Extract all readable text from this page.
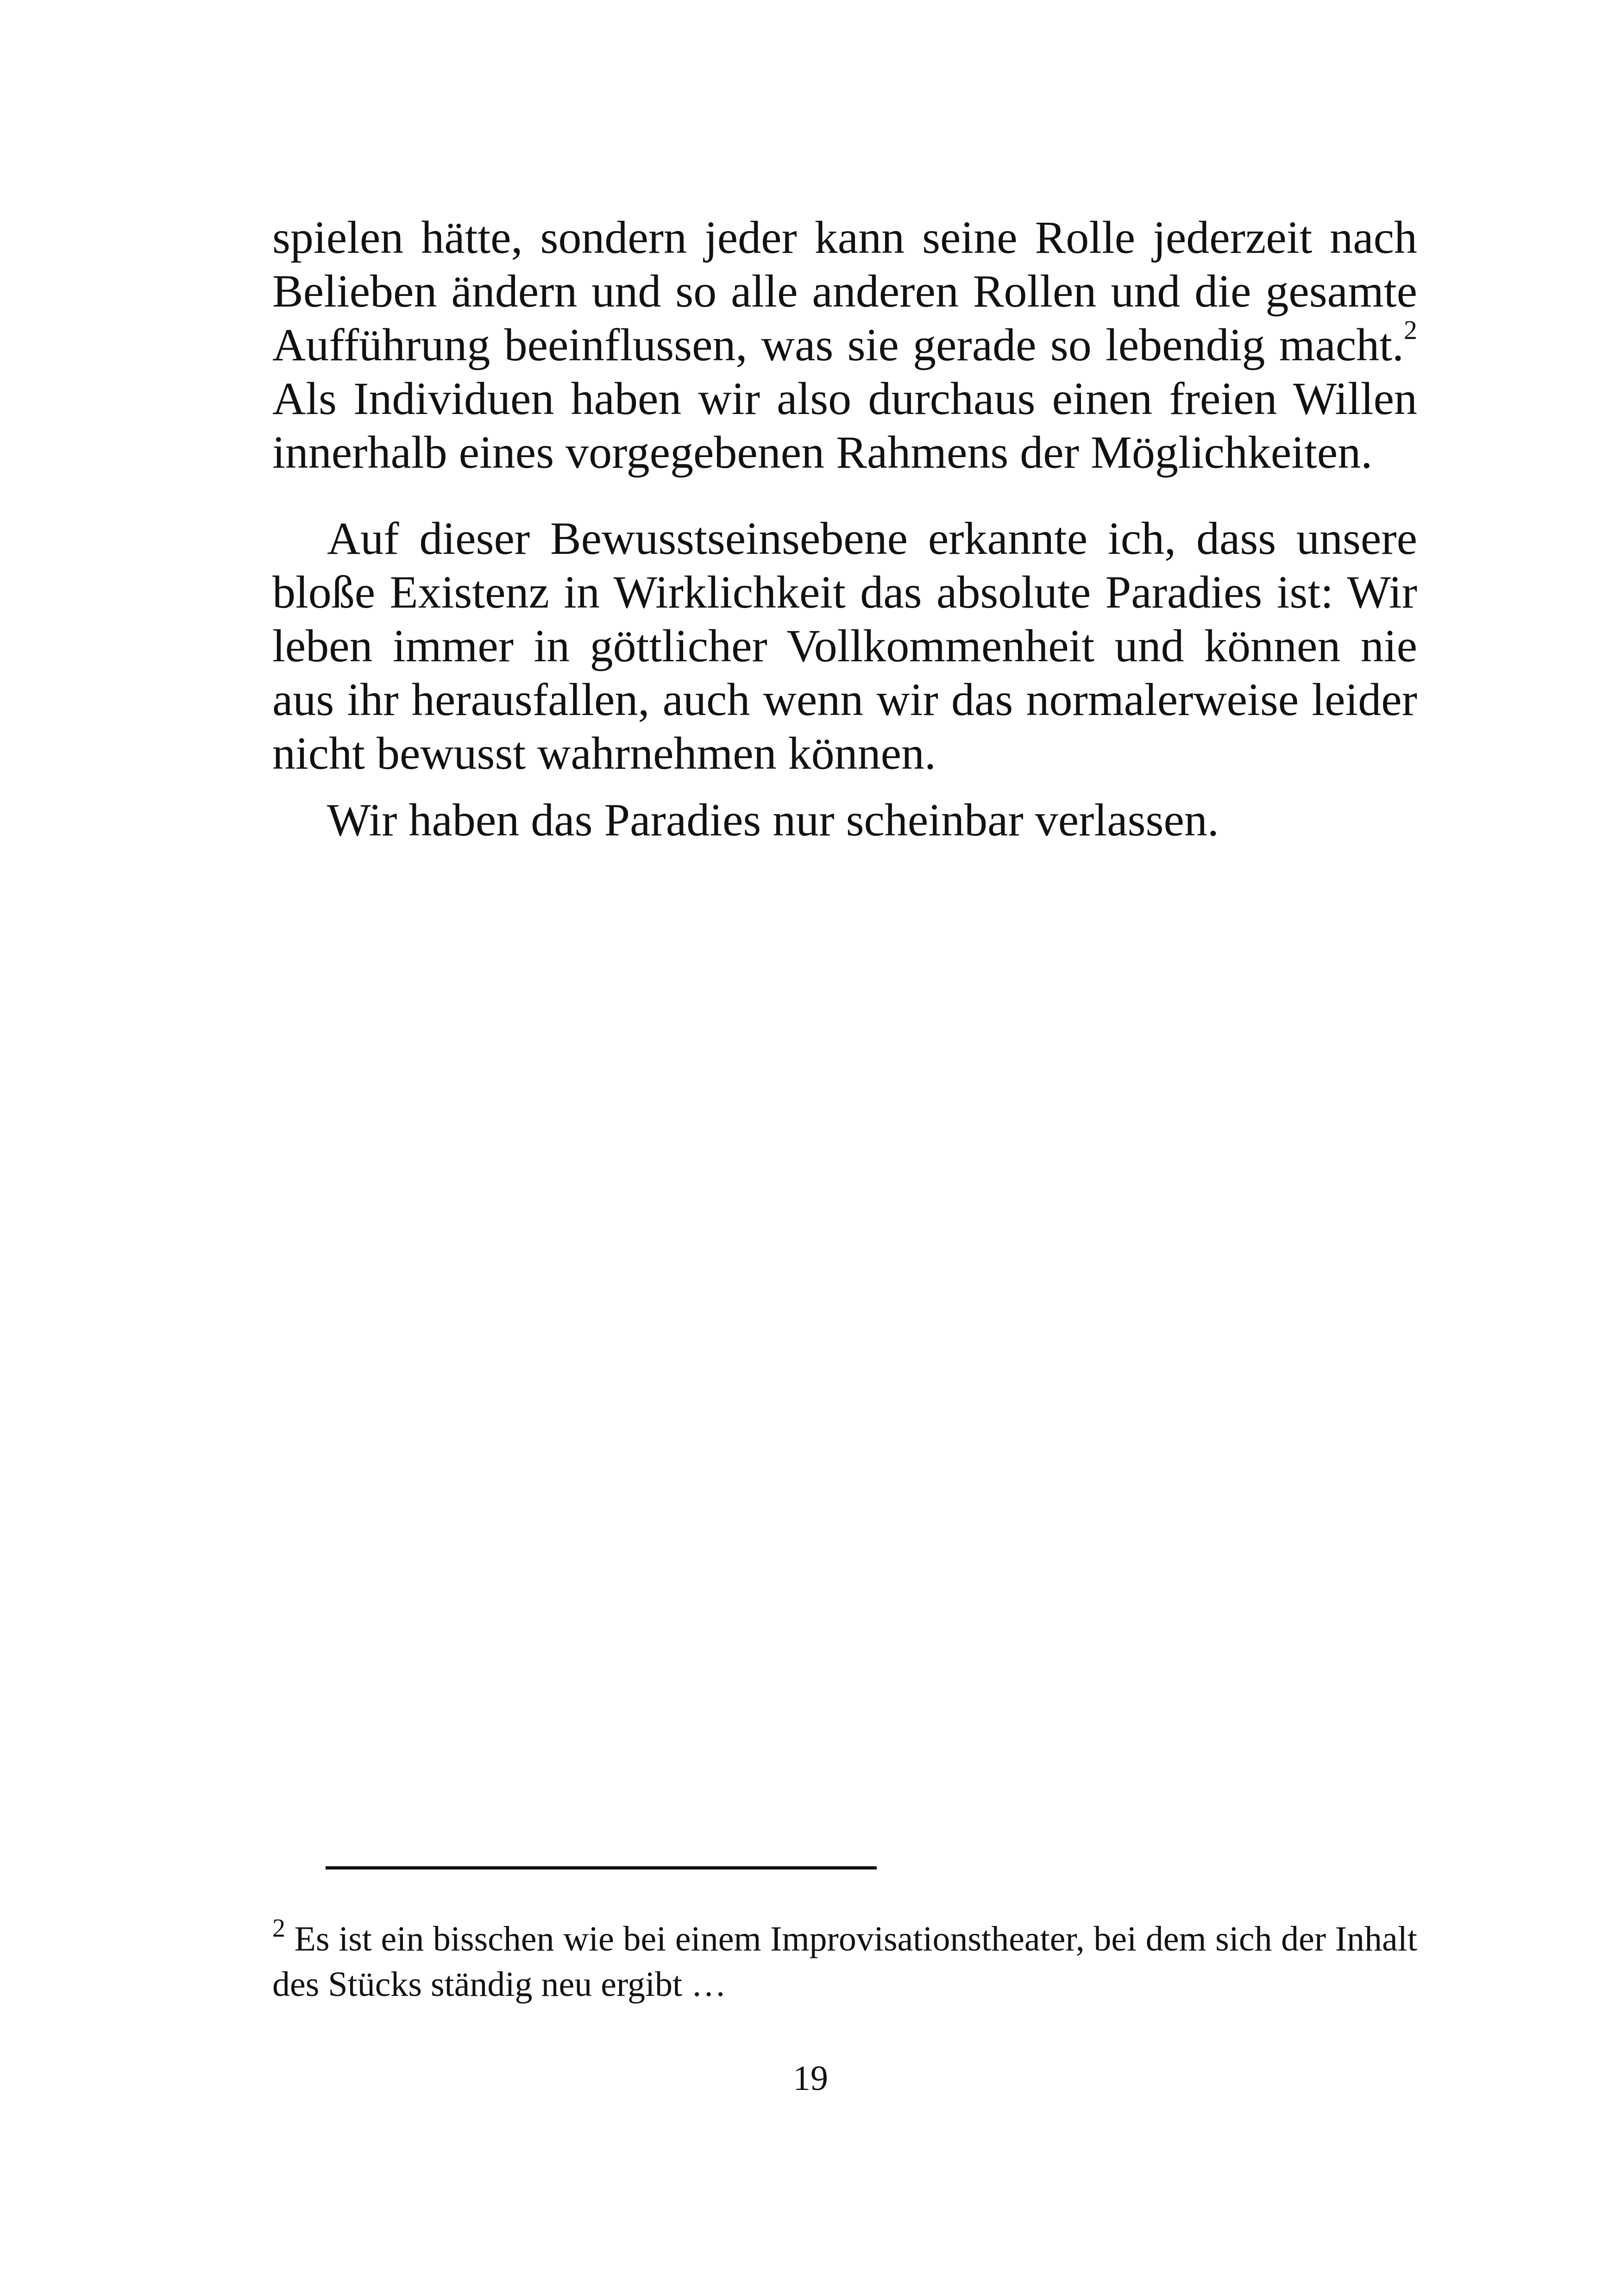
spielen hätte, sondern jeder kann seine Rolle jederzeit nach Belieben ändern und so alle anderen Rollen und die gesamte Aufführung beeinflussen, was sie gerade so lebendig macht.$^2$ Als Individuen haben wir also durchaus einen freien Willen innerhalb eines vorgegebenen Rahmens der Möglichkeiten.

Auf dieser Bewusstseinsebene erkannte ich, dass unsere bloße Existenz in Wirklichkeit das absolute Paradies ist: Wir leben immer in göttlicher Vollkommenheit und können nie aus ihr herausfallen, auch wenn wir das normalerweise leider nicht bewusst wahrnehmen können.

Wir haben das Paradies nur scheinbar verlassen.

$^2$ Es ist ein bisschen wie bei einem Improvisationstheater, bei dem sich der Inhalt des Stücks ständig neu ergibt …

19
